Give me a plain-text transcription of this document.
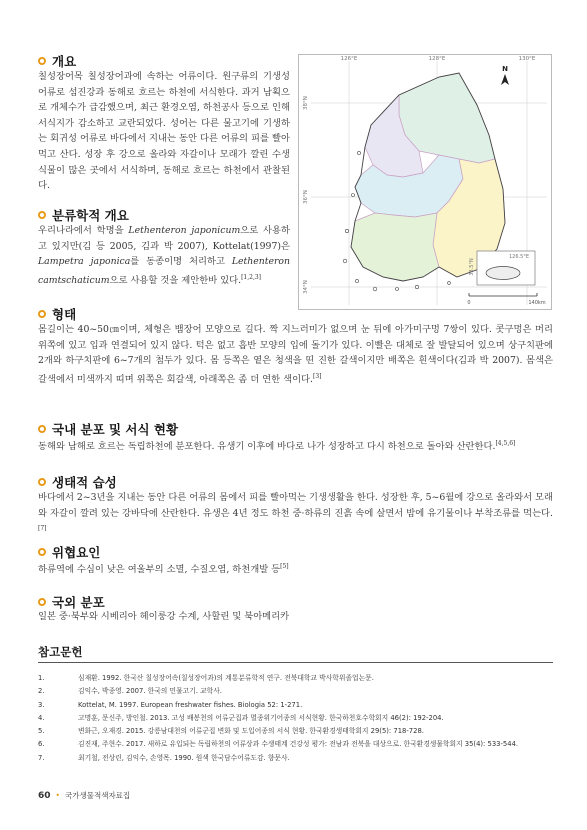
개요

칠성장어목 칠성장어과에 속하는 어류이다. 원구류의 기생성 어류로 섬진강과 동해로 흐르는 하천에 서식한다. 과거 남획으로 개체수가 급감했으며, 최근 환경오염, 하천공사 등으로 인해 서식지가 감소하고 교란되었다. 성어는 다른 물고기에 기생하는 회귀성 어류로 바다에서 지내는 동안 다른 어류의 피를 빨아먹고 산다. 성장 후 강으로 올라와 자갈이나 모래가 깔린 수생식물이 많은 곳에서 서식하며, 동해로 흐르는 하천에서 관찰된다.

분류학적 개요

우리나라에서 학명을 Lethenteron japonicum으로 사용하고 있지만(김 등 2005, 김과 박 2007), Kottelat(1997)은 Lampetra japonica를 동종이명 처리하고 Lethenteron camtschaticum으로 사용할 것을 제안한바 있다.[1,2,3]

형태

몸길이는 40~50㎝이며, 체형은 뱀장어 모양으로 길다. 짝 지느러미가 없으며 눈 뒤에 아가미구멍 7쌍이 있다. 콧구멍은 머리 위쪽에 있고 입과 연결되어 있지 않다. 턱은 없고 흡반 모양의 입에 돌기가 있다. 이빨은 대체로 잘 발달되어 있으며 상구치판에 2개와 하구치판에 6~7개의 첨두가 있다. 몸 등쪽은 옅은 청색을 띤 진한 갈색이지만 배쪽은 흰색이다(김과 박 2007). 몸색은 갈색에서 미색까지 띠며 위쪽은 회갈색, 아래쪽은 좀 더 연한 색이다.[3]

국내 분포 및 서식 현황

동해와 남해로 흐르는 독립하천에 분포한다. 유생기 이후에 바다로 나가 성장하고 다시 하천으로 돌아와 산란한다.[4,5,6]

생태적 습성

바다에서 2~3년을 지내는 동안 다른 어류의 몸에서 피를 빨아먹는 기생생활을 한다. 성장한 후, 5~6월에 강으로 올라와서 모래와 자갈이 깔려 있는 강바닥에 산란한다. 유생은 4년 정도 하천 중·하류의 진흙 속에 살면서 밤에 유기물이나 부착조류를 먹는다.[7]

위협요인

하류역에 수심이 낮은 여울부의 소멸, 수질오염, 하천개발 등[5]

국외 분포

일본 중·북부와 시베리아 헤이룽강 수계, 사할린 및 북아메리카

126°E	128°E	130°E
38°N
36°N
34°N
N
126.5°E
33.5°N
0	140km
참고문헌
1.	심재환. 1992. 한국산 칠성장어속(칠성장어과)의 계통분류학적 연구. 전북대학교 박사학위졸업논문.
2.	김익수, 박종영. 2007. 한국의 민물고기. 교학사.
3.	Kottelat, M. 1997. European freshwater fishes. Biologia 52: 1-271.
4.	고명훈, 문신주, 방인철. 2013. 고성 배봉천의 어류군집과 멸종위기어종의 서식현황. 한국하천호수학회지 46(2): 192-204.
5.	변화근, 오재경. 2015. 강릉남대천의 어류군집 변화 및 도입어종의 서식 현황. 한국환경생태학회지 29(5): 718-728.
6.	김진재, 주현수. 2017. 새하로 유입되는 독립하천의 어류상과 수생태계 건강성 평가: 전남과 전북을 대상으로. 한국환경생물학회지 35(4): 533-544.
7.	최기철, 전상린, 김익수, 손영목. 1990. 원색 한국담수어류도감. 향문사.
60 • 국가생물적색자료집
